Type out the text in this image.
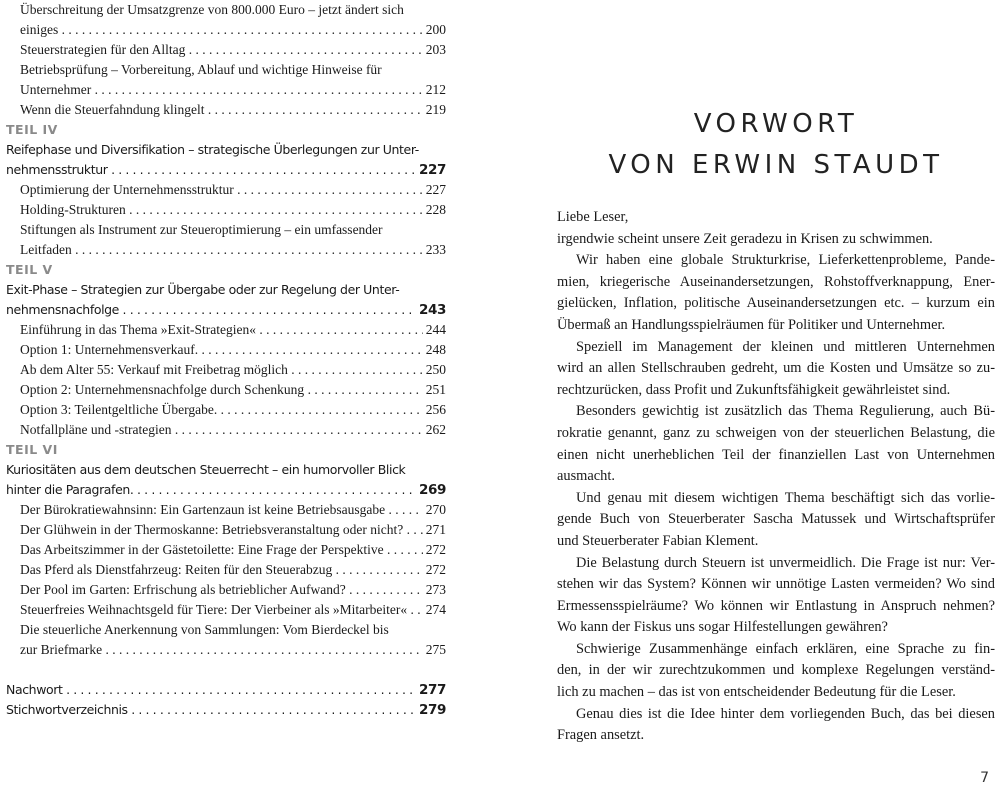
Überschreitung der Umsatzgrenze von 800.000 Euro – jetzt ändert sich
einiges	200
. . .
Steuerstrategien für den Alltag	203
. . .
Betriebsprüfung – Vorbereitung, Ablauf und wichtige Hinweise für
Unternehmer	212
. . .
Wenn die Steuerfahndung klingelt	219
. . .
TEIL IV
Reifephase und Diversifikation – strategische Überlegungen zur Unter-
nehmensstruktur	227
. . .
Optimierung der Unternehmensstruktur	227
. . .
Holding-Strukturen	228
. . .
Stiftungen als Instrument zur Steueroptimierung – ein umfassender
Leitfaden	233
. . .
TEIL V
Exit-Phase – Strategien zur Übergabe oder zur Regelung der Unter-
nehmensnachfolge	243
. . .
Einführung in das Thema »Exit-Strategien«	244
. . .
Option 1: Unternehmensverkauf.	248
. . .
Ab dem Alter 55: Verkauf mit Freibetrag möglich	250
. . .
Option 2: Unternehmensnachfolge durch Schenkung	251
. . .
Option 3: Teilentgeltliche Übergabe.	256
. . .
Notfallpläne und -strategien	262
. . .
TEIL VI
Kuriositäten aus dem deutschen Steuerrecht – ein humorvoller Blick
hinter die Paragrafen.	269
. . .
Der Bürokratiewahnsinn: Ein Gartenzaun ist keine Betriebsausgabe	270
. . .
Der Glühwein in der Thermoskanne: Betriebsveranstaltung oder nicht? 271
. . .
Das Arbeitszimmer in der Gästetoilette: Eine Frage der Perspektive	272
. . .
Das Pferd als Dienstfahrzeug: Reiten für den Steuerabzug	272
. . .
Der Pool im Garten: Erfrischung als betrieblicher Aufwand?	273
. . .
Steuerfreies Weihnachtsgeld für Tiere: Der Vierbeiner als »Mitarbeiter« 274
. . .
Die steuerliche Anerkennung von Sammlungen: Vom Bierdeckel bis
zur Briefmarke	275
. . .
Nachwort	277
. . .
Stichwortverzeichnis	279
. . .
VORWORT
VON ERWIN STAUDT
Liebe Leser,
irgendwie scheint unsere Zeit geradezu in Krisen zu schwimmen.
Wir haben eine globale Strukturkrise, Lieferkettenprobleme, Pande-
mien, kriegerische Auseinandersetzungen, Rohstoffverknappung, Ener-
gielücken, Inflation, politische Auseinandersetzungen etc. – kurzum ein
Übermaß an Handlungsspielräumen für Politiker und Unternehmer.
Speziell im Management der kleinen und mittleren Unternehmen
wird an allen Stellschrauben gedreht, um die Kosten und Umsätze so zu-
rechtzurücken, dass Profit und Zukunftsfähigkeit gewährleistet sind.
Besonders gewichtig ist zusätzlich das Thema Regulierung, auch Bü-
rokratie genannt, ganz zu schweigen von der steuerlichen Belastung, die
einen nicht unerheblichen Teil der finanziellen Last von Unternehmen
ausmacht.
Und genau mit diesem wichtigen Thema beschäftigt sich das vorlie-
gende Buch von Steuerberater Sascha Matussek und Wirtschaftsprüfer
und Steuerberater Fabian Klement.
Die Belastung durch Steuern ist unvermeidlich. Die Frage ist nur: Ver-
stehen wir das System? Können wir unnötige Lasten vermeiden? Wo sind
Ermessensspielräume? Wo können wir Entlastung in Anspruch nehmen?
Wo kann der Fiskus uns sogar Hilfestellungen gewähren?
Schwierige Zusammenhänge einfach erklären, eine Sprache zu fin-
den, in der wir zurechtzukommen und komplexe Regelungen verständ-
lich zu machen – das ist von entscheidender Bedeutung für die Leser.
Genau dies ist die Idee hinter dem vorliegenden Buch, das bei diesen
Fragen ansetzt.
7
